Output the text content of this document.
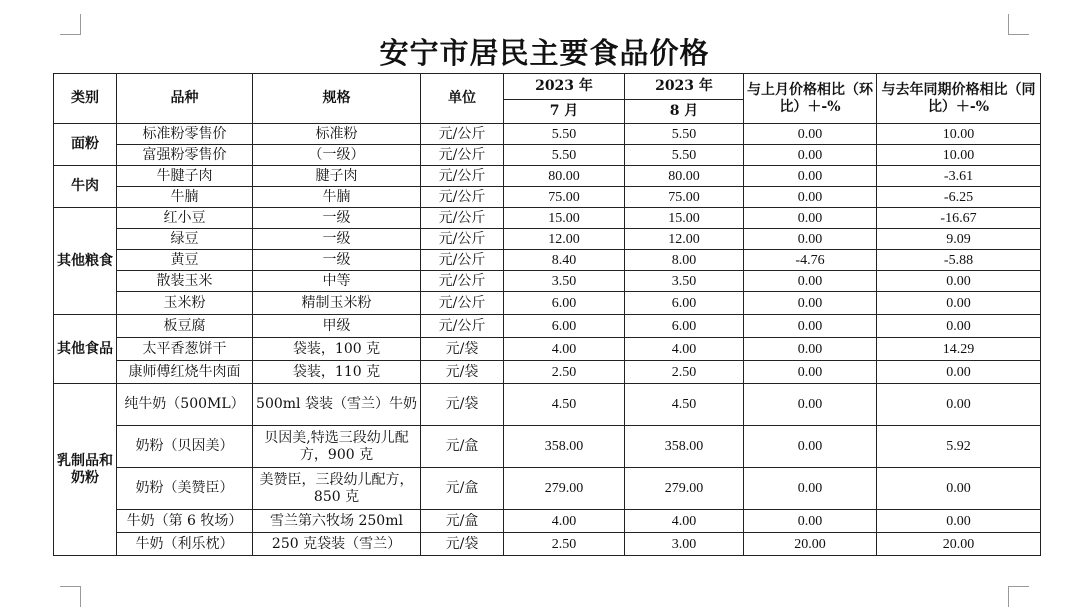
安宁市居民主要食品价格
类别	品种	规格	单位	2023 年	2023 年	与上月价格相比（环比）＋-%	与去年同期价格相比（同比）＋-%
				7 月	8 月		
面粉	标准粉零售价	标准粉	元/公斤	5.50	5.50	0.00	10.00
	富强粉零售价	（一级）	元/公斤	5.50	5.50	0.00	10.00
牛肉	牛腱子肉	腱子肉	元/公斤	80.00	80.00	0.00	-3.61
	牛腩	牛腩	元/公斤	75.00	75.00	0.00	-6.25
其他粮食	红小豆	一级	元/公斤	15.00	15.00	0.00	-16.67
	绿豆	一级	元/公斤	12.00	12.00	0.00	9.09
	黄豆	一级	元/公斤	8.40	8.00	-4.76	-5.88
	散装玉米	中等	元/公斤	3.50	3.50	0.00	0.00
	玉米粉	精制玉米粉	元/公斤	6.00	6.00	0.00	0.00
其他食品	板豆腐	甲级	元/公斤	6.00	6.00	0.00	0.00
	太平香葱饼干	袋装，100 克	元/袋	4.00	4.00	0.00	14.29
	康师傅红烧牛肉面	袋装，110 克	元/袋	2.50	2.50	0.00	0.00
乳制品和奶粉	纯牛奶（500ML）	500ml 袋装（雪兰）牛奶	元/袋	4.50	4.50	0.00	0.00
	奶粉（贝因美）	贝因美,特选三段幼儿配方，900 克	元/盒	358.00	358.00	0.00	5.92
	奶粉（美赞臣）	美赞臣，三段幼儿配方，850 克	元/盒	279.00	279.00	0.00	0.00
	牛奶（第 6 牧场）	雪兰第六牧场 250ml	元/盒	4.00	4.00	0.00	0.00
	牛奶（利乐枕）	250 克袋装（雪兰）	元/袋	2.50	3.00	20.00	20.00
